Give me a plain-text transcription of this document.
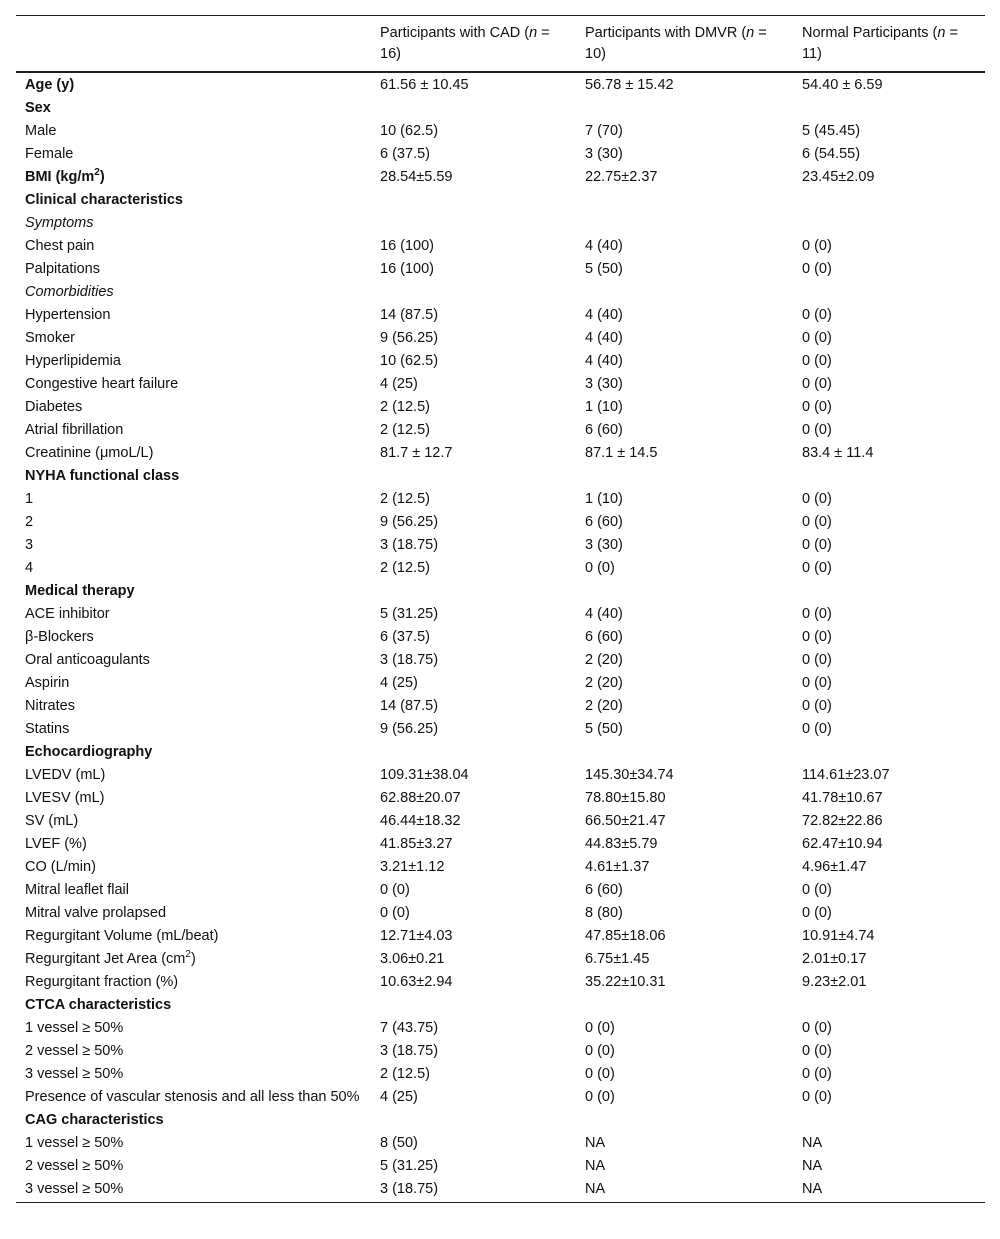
	Participants with CAD (n = 16)	Participants with DMVR (n = 10)	Normal Participants (n = 11)
Age (y)	61.56 ± 10.45	56.78 ± 15.42	54.40 ± 6.59
Sex			
Male	10 (62.5)	7 (70)	5 (45.45)
Female	6 (37.5)	3 (30)	6 (54.55)
BMI $(kg/m^2)$	28.54±5.59	22.75±2.37	23.45±2.09
Clinical characteristics			
Symptoms			
Chest pain	16 (100)	4 (40)	0 (0)
Palpitations	16 (100)	5 (50)	0 (0)
Comorbidities			
Hypertension	14 (87.5)	4 (40)	0 (0)
Smoker	9 (56.25)	4 (40)	0 (0)
Hyperlipidemia	10 (62.5)	4 (40)	0 (0)
Congestive heart failure	4 (25)	3 (30)	0 (0)
Diabetes	2 (12.5)	1 (10)	0 (0)
Atrial fibrillation	2 (12.5)	6 (60)	0 (0)
Creatinine (μmoL/L)	81.7 ± 12.7	87.1 ± 14.5	83.4 ± 11.4
NYHA functional class			
1	2 (12.5)	1 (10)	0 (0)
2	9 (56.25)	6 (60)	0 (0)
3	3 (18.75)	3 (30)	0 (0)
4	2 (12.5)	0 (0)	0 (0)
Medical therapy			
ACE inhibitor	5 (31.25)	4 (40)	0 (0)
β-Blockers	6 (37.5)	6 (60)	0 (0)
Oral anticoagulants	3 (18.75)	2 (20)	0 (0)
Aspirin	4 (25)	2 (20)	0 (0)
Nitrates	14 (87.5)	2 (20)	0 (0)
Statins	9 (56.25)	5 (50)	0 (0)
Echocardiography			
LVEDV (mL)	109.31±38.04	145.30±34.74	114.61±23.07
LVESV (mL)	62.88±20.07	78.80±15.80	41.78±10.67
SV (mL)	46.44±18.32	66.50±21.47	72.82±22.86
LVEF (%)	41.85±3.27	44.83±5.79	62.47±10.94
CO (L/min)	3.21±1.12	4.61±1.37	4.96±1.47
Mitral leaflet flail	0 (0)	6 (60)	0 (0)
Mitral valve prolapsed	0 (0)	8 (80)	0 (0)
Regurgitant Volume (mL/beat)	12.71±4.03	47.85±18.06	10.91±4.74
Regurgitant Jet Area $(cm^2)$	3.06±0.21	6.75±1.45	2.01±0.17
Regurgitant fraction (%)	10.63±2.94	35.22±10.31	9.23±2.01
CTCA characteristics			
1 vessel ≥ 50%	7 (43.75)	0 (0)	0 (0)
2 vessel ≥ 50%	3 (18.75)	0 (0)	0 (0)
3 vessel ≥ 50%	2 (12.5)	0 (0)	0 (0)
Presence of vascular stenosis and all less than 50%	4 (25)	0 (0)	0 (0)
CAG characteristics			
1 vessel ≥ 50%	8 (50)	NA	NA
2 vessel ≥ 50%	5 (31.25)	NA	NA
3 vessel ≥ 50%	3 (18.75)	NA	NA
